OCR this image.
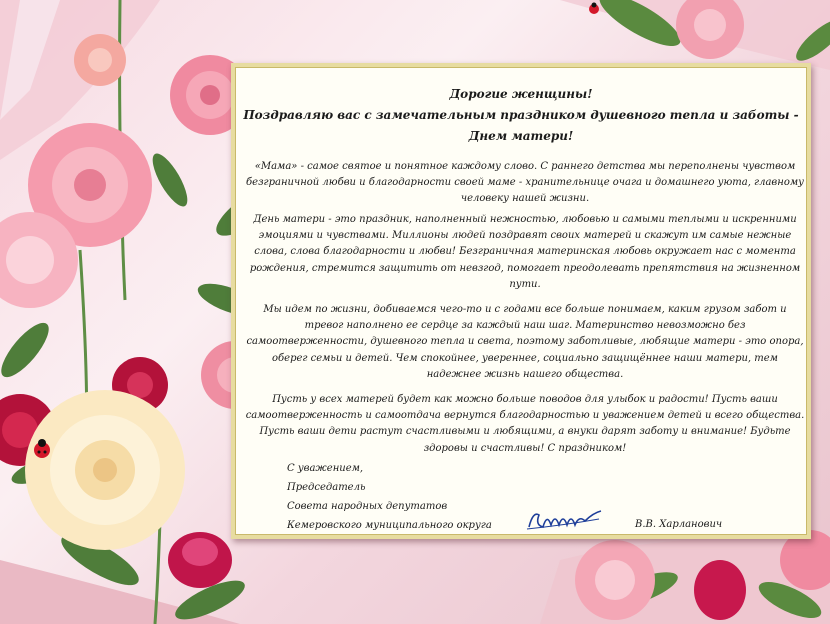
Дорогие женщины!

Поздравляю вас с замечательным праздником душевного тепла и заботы -

Днем матери!

«Мама» - самое святое и понятное каждому слово. С раннего детства мы переполнены чувством безграничной любви и благодарности своей маме - хранительнице очага и домашнего уюта, главному человеку нашей жизни.

День матери - это праздник, наполненный нежностью, любовью и самыми теплыми и искренними эмоциями и чувствами. Миллионы людей поздравят своих матерей и скажут им самые нежные слова, слова благодарности и любви! Безграничная материнская любовь окружает нас с момента рождения, стремится защитить от невзгод, помогает преодолевать препятствия на жизненном пути.

Мы идем по жизни, добиваемся чего-то и с годами все больше понимаем, каким грузом забот и тревог наполнено ее сердце за каждый наш шаг. Материнство невозможно без самоотверженности, душевного тепла и света, поэтому заботливые, любящие матери - это опора, оберег семьи и детей. Чем спокойнее, увереннее, социально защищённее наши матери, тем надежнее жизнь нашего общества.

Пусть у всех матерей будет как можно больше поводов для улыбок и радости! Пусть ваши самоотверженность и самоотдача вернутся благодарностью и уважением детей и всего общества. Пусть ваши дети растут счастливыми и любящими, а внуки дарят заботу и внимание! Будьте здоровы и счастливы! С праздником!

С уважением,

Председатель

Совета народных депутатов

Кемеровского муниципального округа	В.В. Харланович
